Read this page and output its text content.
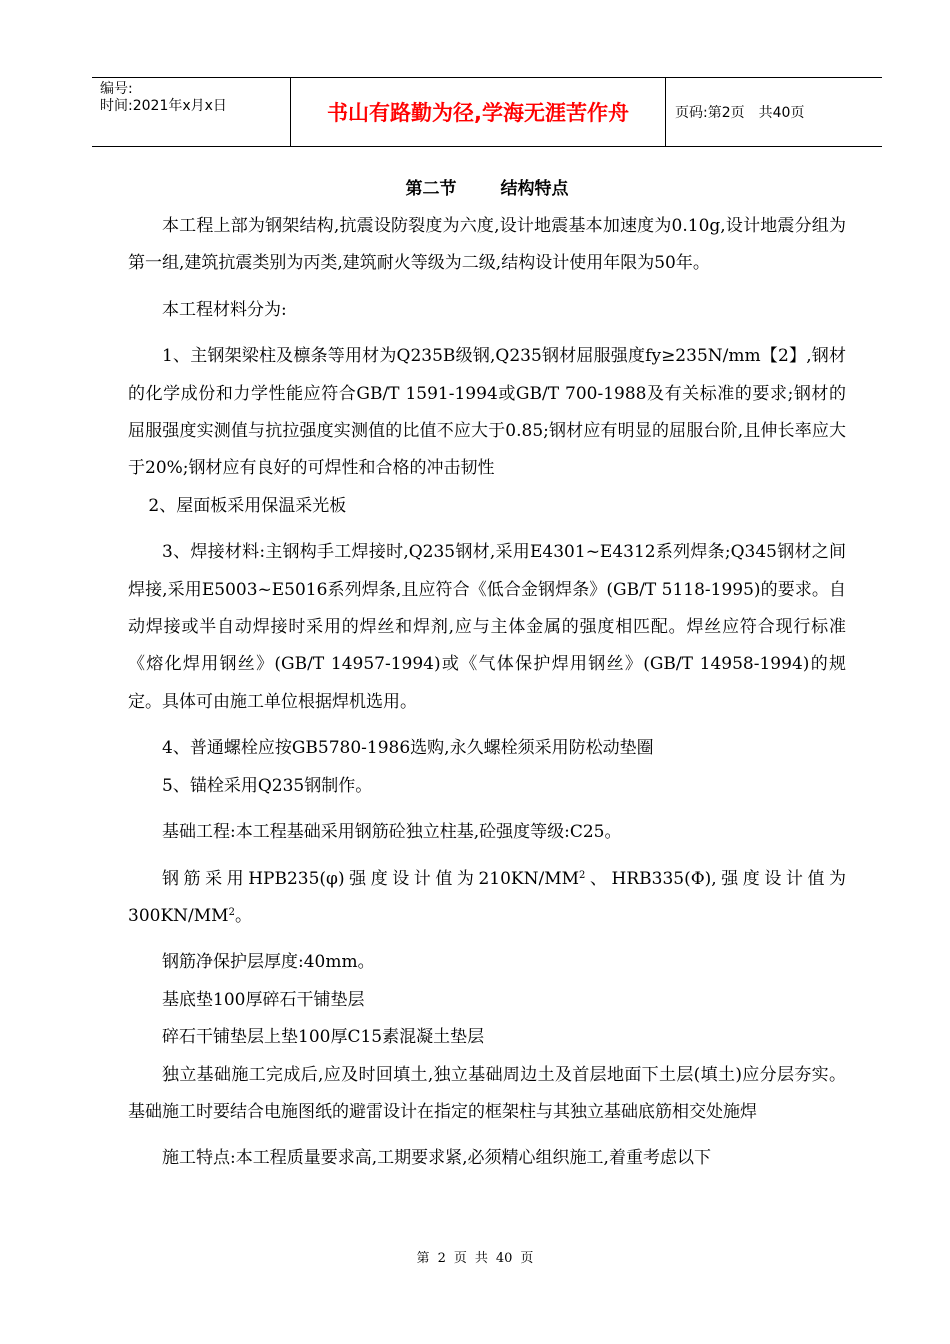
编号:
时间:2021年x月x日	书山有路勤为径,学海无涯苦作舟	页码:第2页 共40页
第二节	结构特点

本工程上部为钢架结构,抗震设防裂度为六度,设计地震基本加速度为0.10g,设计地震分组为第一组,建筑抗震类别为丙类,建筑耐火等级为二级,结构设计使用年限为50年。

本工程材料分为:

1、主钢架梁柱及檩条等用材为Q235B级钢,Q235钢材屈服强度fy≥235N/mm【2】,钢材的化学成份和力学性能应符合GB/T 1591-1994或GB/T 700-1988及有关标准的要求;钢材的屈服强度实测值与抗拉强度实测值的比值不应大于0.85;钢材应有明显的屈服台阶,且伸长率应大于20%;钢材应有良好的可焊性和合格的冲击韧性

2、屋面板采用保温采光板

3、焊接材料:主钢构手工焊接时,Q235钢材,采用E4301~E4312系列焊条;Q345钢材之间焊接,采用E5003~E5016系列焊条,且应符合《低合金钢焊条》(GB/T 5118-1995)的要求。自动焊接或半自动焊接时采用的焊丝和焊剂,应与主体金属的强度相匹配。焊丝应符合现行标准《熔化焊用钢丝》(GB/T 14957-1994)或《气体保护焊用钢丝》(GB/T 14958-1994)的规定。具体可由施工单位根据焊机选用。

4、普通螺栓应按GB5780-1986选购,永久螺栓须采用防松动垫圈

5、锚栓采用Q235钢制作。

基础工程:本工程基础采用钢筋砼独立柱基,砼强度等级:C25。

钢筋采用HPB235(φ)强度设计值为$210KN/MM^2$、HRB335(Φ),强度设计值为$300KN/MM^2$。

钢筋净保护层厚度:40mm。

基底垫100厚碎石干铺垫层

碎石干铺垫层上垫100厚C15素混凝土垫层

独立基础施工完成后,应及时回填土,独立基础周边土及首层地面下土层(填土)应分层夯实。基础施工时要结合电施图纸的避雷设计在指定的框架柱与其独立基础底筋相交处施焊

施工特点:本工程质量要求高,工期要求紧,必须精心组织施工,着重考虑以下

第 2 页 共 40 页
